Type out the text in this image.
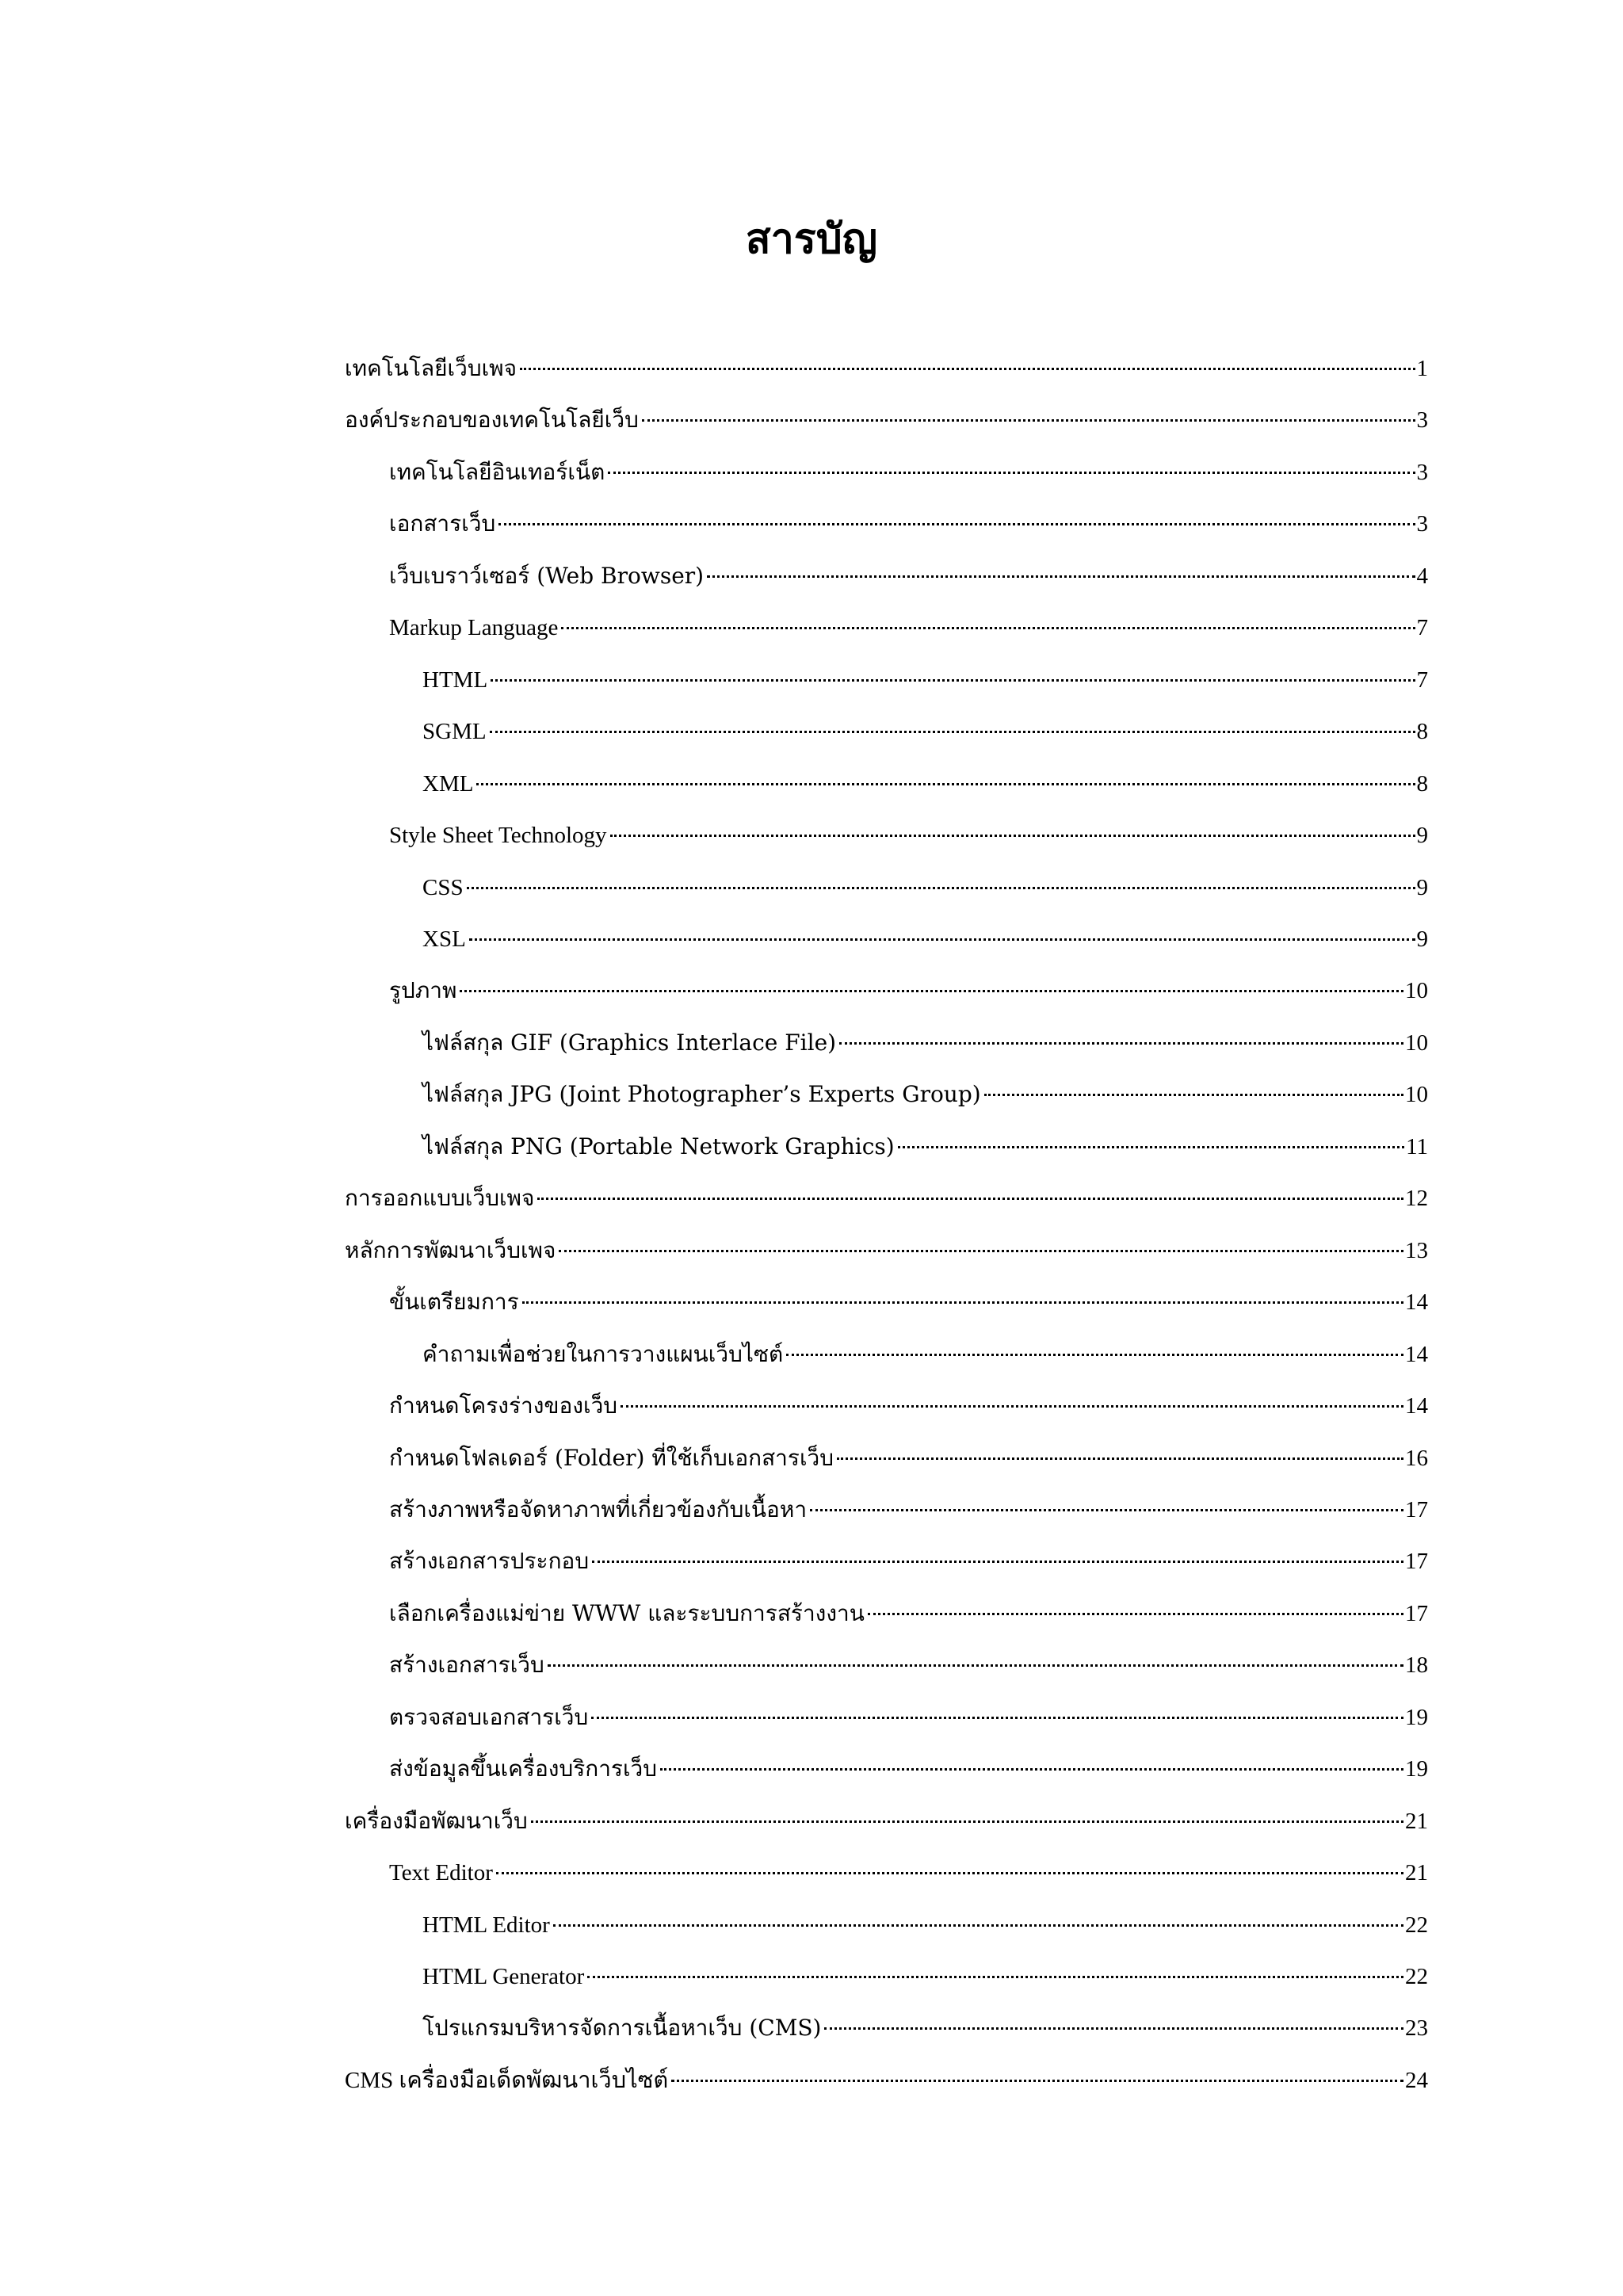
สารบัญ
เทคโนโลยีเว็บเพจ	1
องค์ประกอบของเทคโนโลยีเว็บ	3
เทคโนโลยีอินเทอร์เน็ต	3
เอกสารเว็บ	3
เว็บเบราว์เซอร์ (Web Browser)	4
Markup Language	7
HTML	7
SGML	8
XML	8
Style Sheet Technology	9
CSS	9
XSL	9
รูปภาพ	10
ไฟล์สกุล GIF (Graphics Interlace File)	10
ไฟล์สกุล JPG (Joint Photographer’s Experts Group)	10
ไฟล์สกุล PNG (Portable Network Graphics)	11
การออกแบบเว็บเพจ	12
หลักการพัฒนาเว็บเพจ	13
ขั้นเตรียมการ	14
คำถามเพื่อช่วยในการวางแผนเว็บไซต์	14
กำหนดโครงร่างของเว็บ	14
กำหนดโฟลเดอร์ (Folder) ที่ใช้เก็บเอกสารเว็บ	16
สร้างภาพหรือจัดหาภาพที่เกี่ยวข้องกับเนื้อหา	17
สร้างเอกสารประกอบ	17
เลือกเครื่องแม่ข่าย WWW และระบบการสร้างงาน	17
สร้างเอกสารเว็บ	18
ตรวจสอบเอกสารเว็บ	19
ส่งข้อมูลขึ้นเครื่องบริการเว็บ	19
เครื่องมือพัฒนาเว็บ	21
Text Editor	21
HTML Editor	22
HTML Generator	22
โปรแกรมบริหารจัดการเนื้อหาเว็บ (CMS)	23
CMS เครื่องมือเด็ดพัฒนาเว็บไซต์	24
